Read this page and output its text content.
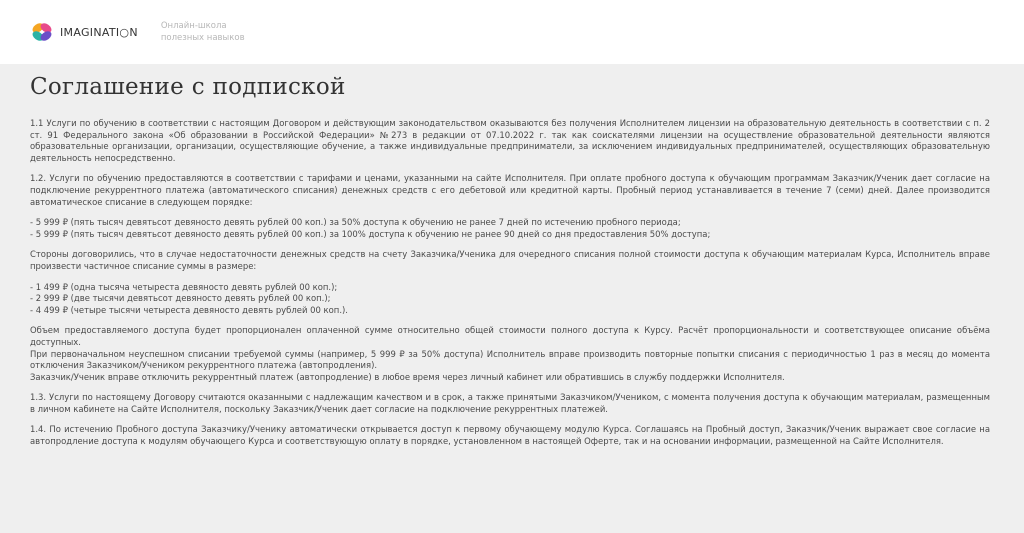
IMAGINATI○N	Онлайн-школа
полезных навыков
Соглашение с подпиской

1.1 Услуги по обучению в соответствии с настоящим Договором и действующим законодательством оказываются без получения Исполнителем лицензии на образовательную деятельность в соответствии с п. 2 ст. 91 Федерального закона «Об образовании в Российской Федерации» №273 в редакции от 07.10.2022 г. так как соискателями лицензии на осуществление образовательной деятельности являются образовательные организации, организации, осуществляющие обучение, а также индивидуальные предприниматели, за исключением индивидуальных предпринимателей, осуществляющих образовательную деятельность непосредственно.

1.2. Услуги по обучению предоставляются в соответствии с тарифами и ценами, указанными на сайте Исполнителя. При оплате пробного доступа к обучающим программам Заказчик/Ученик дает согласие на подключение рекуррентного платежа (автоматического списания) денежных средств с его дебетовой или кредитной карты. Пробный период устанавливается в течение 7 (семи) дней. Далее производится автоматическое списание в следующем порядке:

- 5 999 ₽ (пять тысяч девятьсот девяносто девять рублей 00 коп.) за 50% доступа к обучению не ранее 7 дней по истечению пробного периода;
- 5 999 ₽ (пять тысяч девятьсот девяносто девять рублей 00 коп.) за 100% доступа к обучению не ранее 90 дней со дня предоставления 50% доступа;

Стороны договорились, что в случае недостаточности денежных средств на счету Заказчика/Ученика для очередного списания полной стоимости доступа к обучающим материалам Курса, Исполнитель вправе произвести частичное списание суммы в размере:

- 1 499 ₽ (одна тысяча четыреста девяносто девять рублей 00 коп.);
- 2 999 ₽ (две тысячи девятьсот девяносто девять рублей 00 коп.);
- 4 499 ₽ (четыре тысячи четыреста девяносто девять рублей 00 коп.).

Объем предоставляемого доступа будет пропорционален оплаченной сумме относительно общей стоимости полного доступа к Курсу. Расчёт пропорциональности и соответствующее описание объёма доступных.
При первоначальном неуспешном списании требуемой суммы (например, 5 999 ₽ за 50% доступа) Исполнитель вправе производить повторные попытки списания с периодичностью 1 раз в месяц до момента отключения Заказчиком/Учеником рекуррентного платежа (автопродления).
Заказчик/Ученик вправе отключить рекуррентный платеж (автопродление) в любое время через личный кабинет или обратившись в службу поддержки Исполнителя.

1.3. Услуги по настоящему Договору считаются оказанными с надлежащим качеством и в срок, а также принятыми Заказчиком/Учеником, с момента получения доступа к обучающим материалам, размещенным в личном кабинете на Сайте Исполнителя, поскольку Заказчик/Ученик дает согласие на подключение рекуррентных платежей.

1.4. По истечению Пробного доступа Заказчику/Ученику автоматически открывается доступ к первому обучающему модулю Курса. Соглашаясь на Пробный доступ, Заказчик/Ученик выражает свое согласие на автопродление доступа к модулям обучающего Курса и соответствующую оплату в порядке, установленном в настоящей Оферте, так и на основании информации, размещенной на Сайте Исполнителя.
